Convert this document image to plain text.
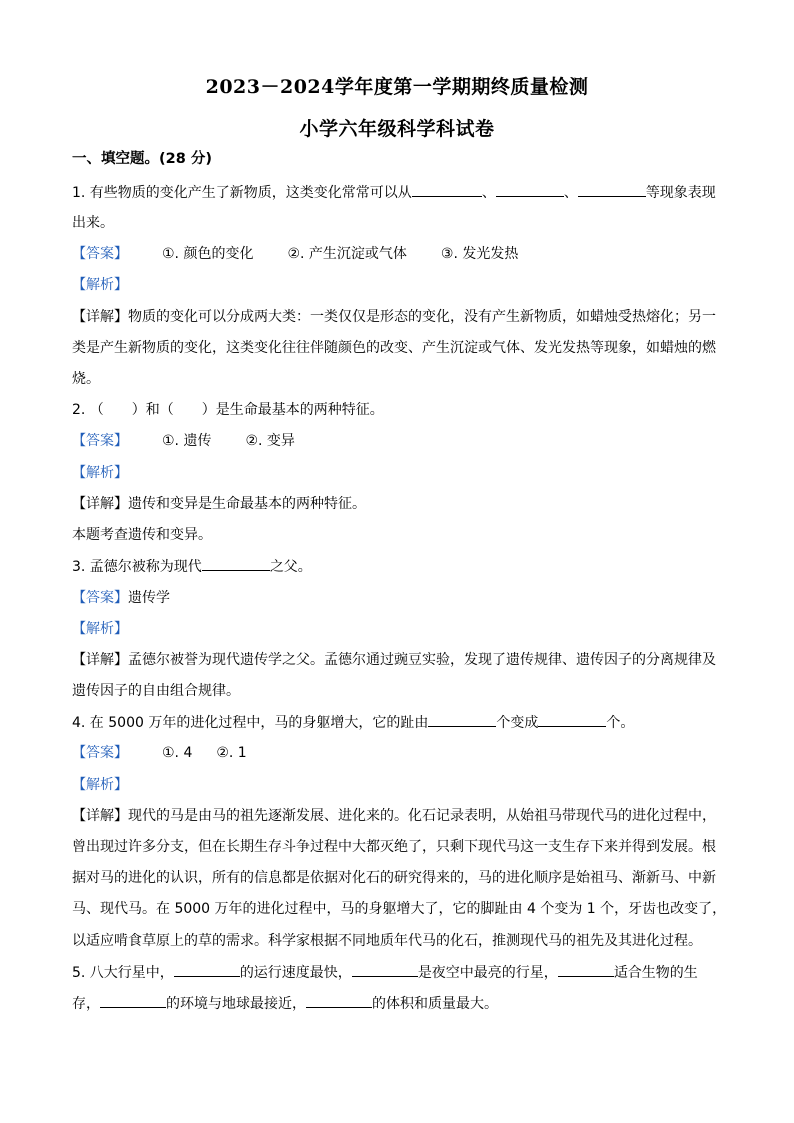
2023－2024学年度第一学期期终质量检测
小学六年级科学科试卷
一、填空题。(28 分)
1. 有些物质的变化产生了新物质，这类变化常常可以从	、	、	等现象表现
出来。
【答案】 ①. 颜色的变化 ②. 产生沉淀或气体 ③. 发光发热
【解析】
【详解】物质的变化可以分成两大类：一类仅仅是形态的变化，没有产生新物质，如蜡烛受热熔化；另一
类是产生新物质的变化，这类变化往往伴随颜色的改变、产生沉淀或气体、发光发热等现象，如蜡烛的燃
烧。
2. （　　）和（　　）是生命最基本的两种特征。
【答案】 ①. 遗传 ②. 变异
【解析】
【详解】遗传和变异是生命最基本的两种特征。
本题考查遗传和变异。
3. 孟德尔被称为现代	之父。
【答案】遗传学
【解析】
【详解】孟德尔被誉为现代遗传学之父。孟德尔通过豌豆实验，发现了遗传规律、遗传因子的分离规律及
遗传因子的自由组合规律。
4. 在 5000 万年的进化过程中，马的身躯增大，它的趾由	个变成	个。
【答案】 ①. 4 ②. 1
【解析】
【详解】现代的马是由马的祖先逐渐发展、进化来的。化石记录表明，从始祖马带现代马的进化过程中，
曾出现过许多分支，但在长期生存斗争过程中大都灭绝了，只剩下现代马这一支生存下来并得到发展。根
据对马的进化的认识，所有的信息都是依据对化石的研究得来的，马的进化顺序是始祖马、渐新马、中新
马、现代马。在 5000 万年的进化过程中，马的身躯增大了，它的脚趾由 4 个变为 1 个，牙齿也改变了，
以适应啃食草原上的草的需求。科学家根据不同地质年代马的化石，推测现代马的祖先及其进化过程。
5. 八大行星中，	的运行速度最快，	是夜空中最亮的行星，	适合生物的生
存，	的环境与地球最接近，	的体积和质量最大。
